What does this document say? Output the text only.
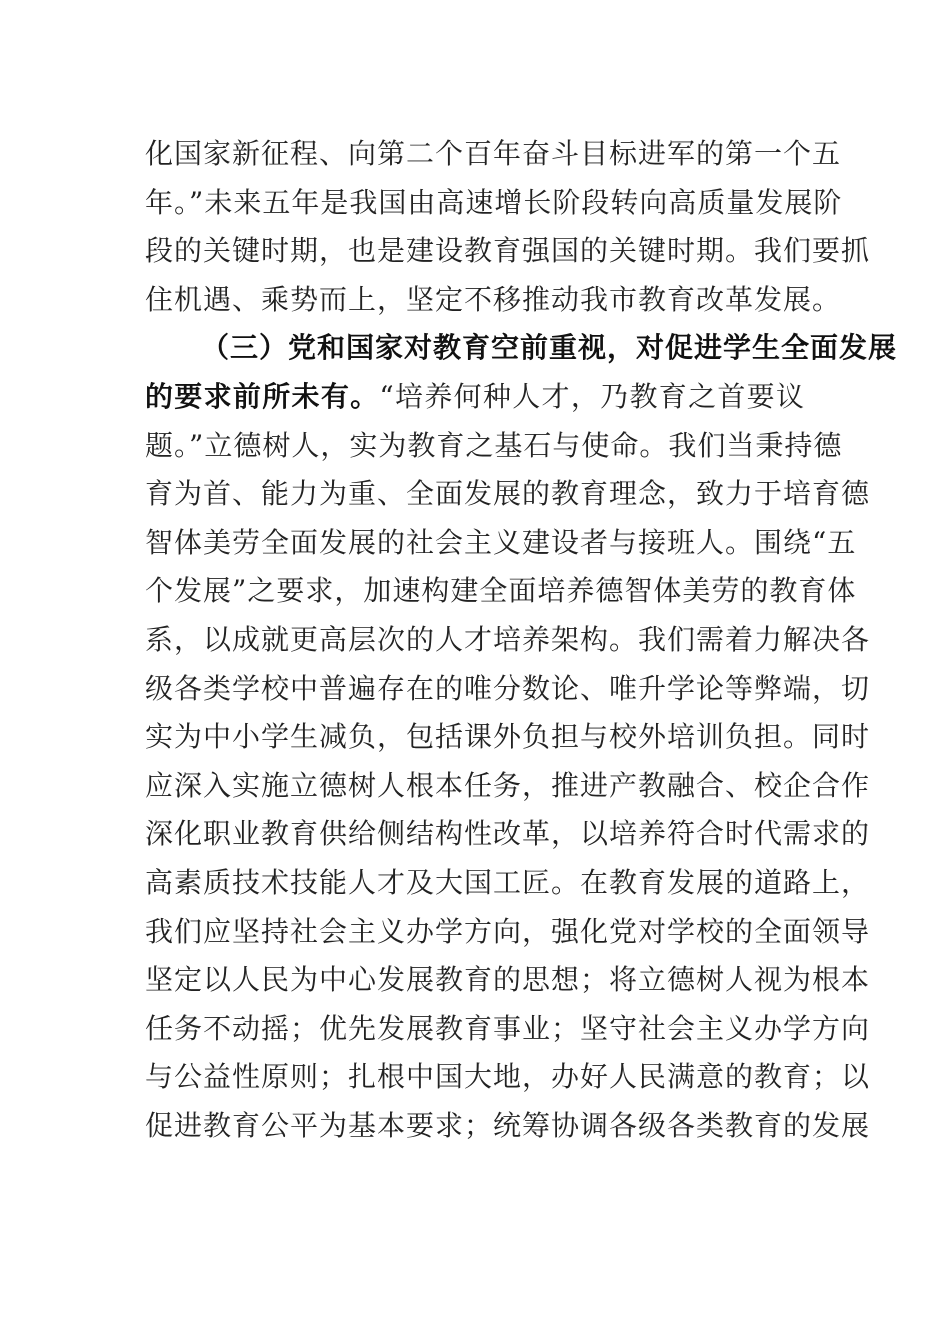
化国家新征程、向第二个百年奋斗目标进军的第一个五
年。”未来五年是我国由高速增长阶段转向高质量发展阶
段的关键时期，也是建设教育强国的关键时期。我们要抓
住机遇、乘势而上，坚定不移推动我市教育改革发展。
（三）党和国家对教育空前重视，对促进学生全面发展
的要求前所未有。“培养何种人才，乃教育之首要议
题。”立德树人，实为教育之基石与使命。我们当秉持德
育为首、能力为重、全面发展的教育理念，致力于培育德
智体美劳全面发展的社会主义建设者与接班人。围绕“五
个发展”之要求，加速构建全面培养德智体美劳的教育体
系，以成就更高层次的人才培养架构。我们需着力解决各
级各类学校中普遍存在的唯分数论、唯升学论等弊端，切
实为中小学生减负，包括课外负担与校外培训负担。同时
应深入实施立德树人根本任务，推进产教融合、校企合作
深化职业教育供给侧结构性改革，以培养符合时代需求的
高素质技术技能人才及大国工匠。在教育发展的道路上，
我们应坚持社会主义办学方向，强化党对学校的全面领导
坚定以人民为中心发展教育的思想；将立德树人视为根本
任务不动摇；优先发展教育事业；坚守社会主义办学方向
与公益性原则；扎根中国大地，办好人民满意的教育；以
促进教育公平为基本要求；统筹协调各级各类教育的发展
